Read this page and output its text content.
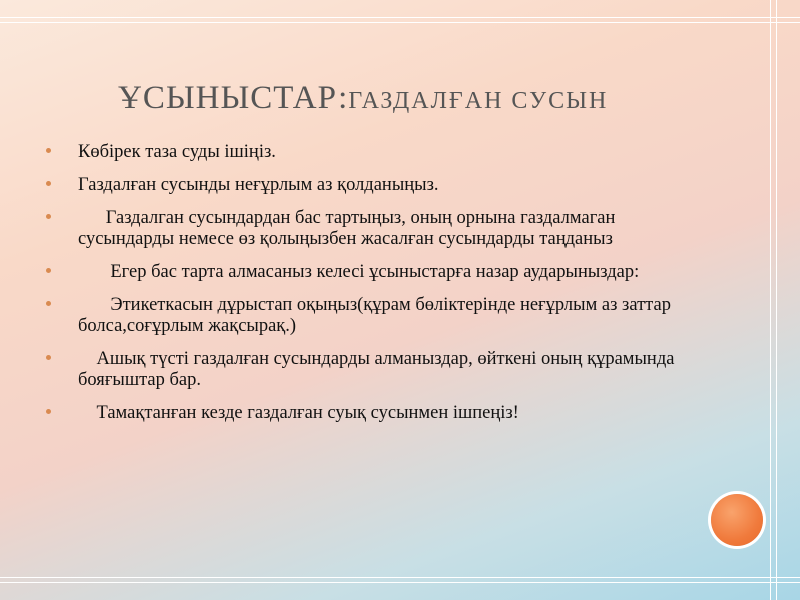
ҰСЫНЫСТАР:ГАЗДАЛҒАН СУСЫН
Көбірек таза суды ішіңіз.
Газдалған сусынды неғұрлым аз қолданыңыз.
Газдалган сусындардан бас тартыңыз, оның орнына газдалмаган сусындарды немесе өз қолыңызбен жасалған сусындарды таңданыз
Егер бас тарта алмасаныз келесі ұсыныстарға назар аударыныздар:
Этикеткасын дұрыстап оқыңыз(құрам бөліктерінде неғұрлым аз заттар болса,соғұрлым жақсырақ.)
Ашық түсті газдалған сусындарды алманыздар, өйткені оның құрамында бояғыштар бар.
Тамақтанған кезде газдалған суық сусынмен ішпеңіз!
